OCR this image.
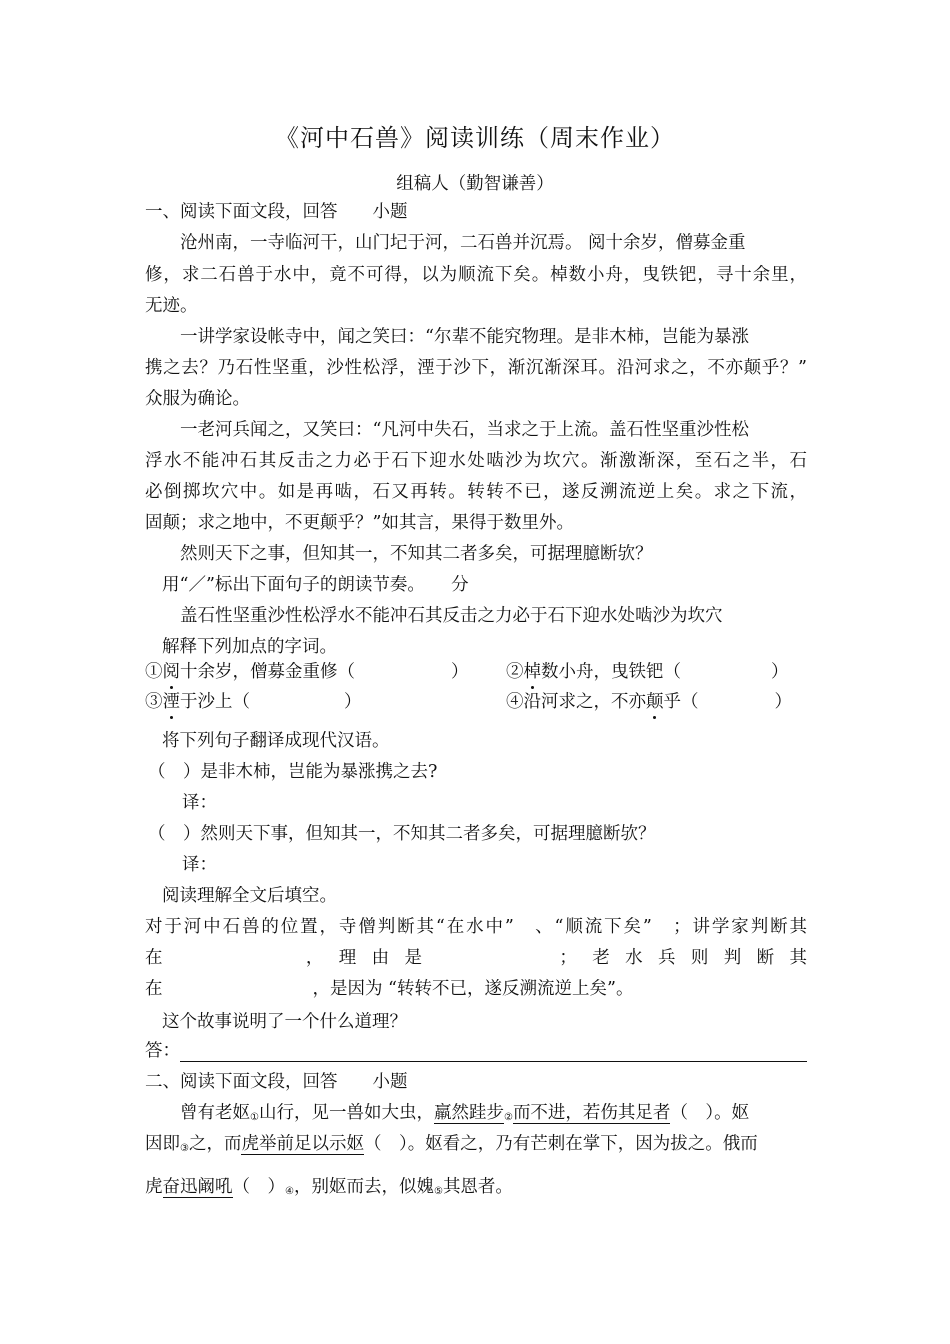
《河中石兽》阅读训练（周末作业）
组稿人（勤智谦善）
一、阅读下面文段，回答　　小题
沧州南，一寺临河干，山门圮于河，二石兽并沉焉。 阅十余岁，僧募金重
修，求二石兽于水中，竟不可得，以为顺流下矣。棹数小舟，曳铁钯，寻十余里，
无迹。
一讲学家设帐寺中，闻之笑曰：“尔辈不能究物理。是非木柿，岂能为暴涨
携之去？乃石性坚重，沙性松浮，湮于沙下，渐沉渐深耳。沿河求之，不亦颠乎？”
众服为确论。
一老河兵闻之，又笑曰：“凡河中失石，当求之于上流。盖石性坚重沙性松
浮水不能冲石其反击之力必于石下迎水处啮沙为坎穴。渐激渐深，至石之半，石
必倒掷坎穴中。如是再啮，石又再转。转转不已，遂反溯流逆上矣。求之下流，
固颠；求之地中，不更颠乎？”如其言，果得于数里外。
然则天下之事，但知其一，不知其二者多矣，可据理臆断欤？
用“／”标出下面句子的朗读节奏。　　分
盖石性坚重沙性松浮水不能冲石其反击之力必于石下迎水处啮沙为坎穴
解释下列加点的字词。
①阅十余岁，僧募金重修（	） ②棹数小舟，曳铁钯（	）
③湮于沙上（	）	④沿河求之，不亦颠乎（	）
将下列句子翻译成现代汉语。
（　）是非木柿，岂能为暴涨携之去?
译：
（　）然则天下事，但知其一，不知其二者多矣，可据理臆断欤？
译：
阅读理解全文后填空。
对于河中石兽的位置，寺僧判断其“在水中”　、“顺流下矣”　；讲学家判断其
在	， 理 由 是	； 老 水 兵 则 判 断 其
在	，是因为 “转转不已，遂反溯流逆上矣”。
这个故事说明了一个什么道理？
答：
二、阅读下面文段，回答　　小题
曾有老妪$_①$山行，见一兽如大虫，羸然跬步$_②$而不进，若伤其足者（　）。妪
因即$_③$之，而虎举前足以示妪（　）。妪看之，乃有芒刺在掌下，因为拔之。俄而
虎奋迅阚吼（　）$_④$，别妪而去，似媿$_⑤$其恩者。
